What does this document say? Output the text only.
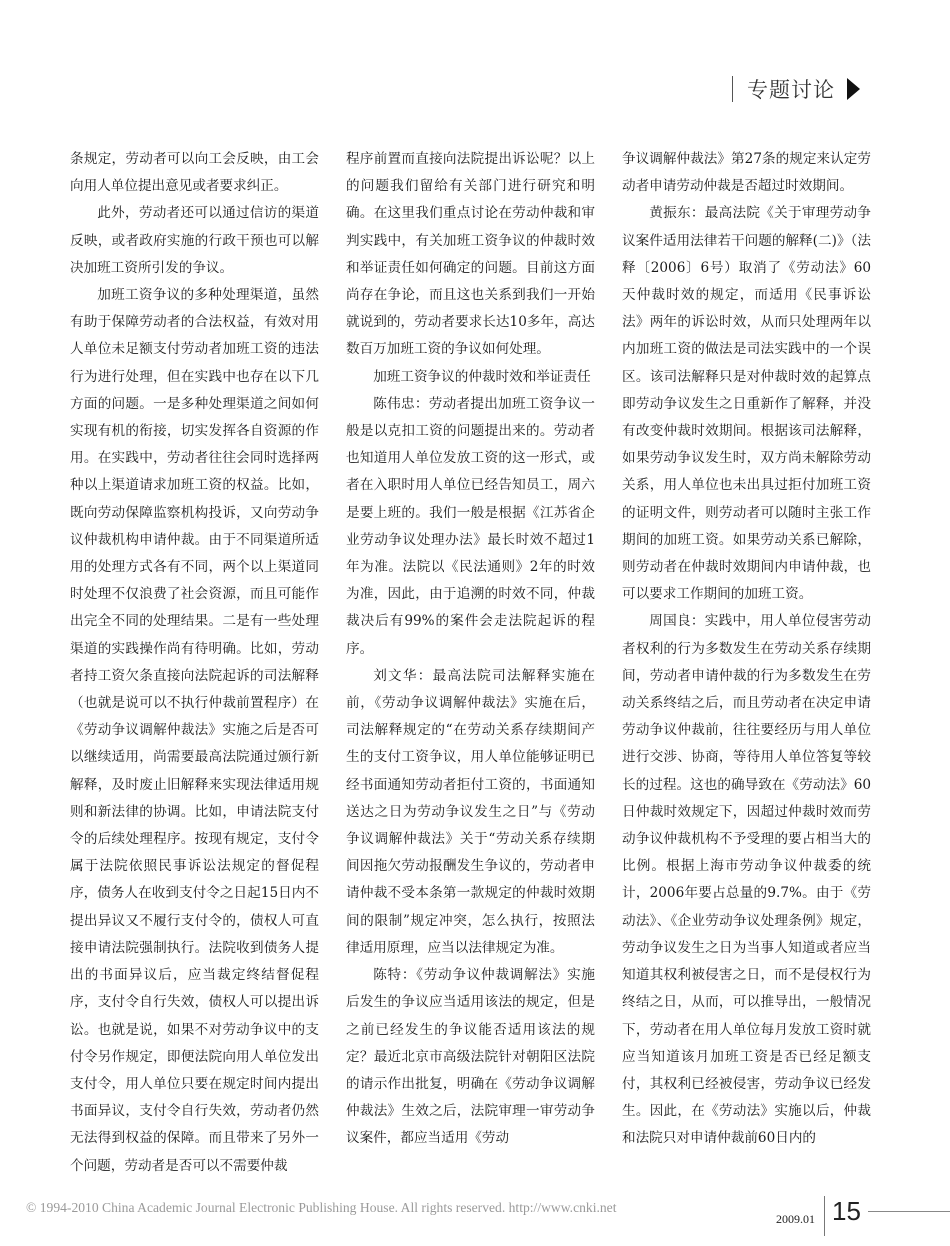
专题讨论

条规定，劳动者可以向工会反映，由工会向用人单位提出意见或者要求纠正。

此外，劳动者还可以通过信访的渠道反映，或者政府实施的行政干预也可以解决加班工资所引发的争议。

加班工资争议的多种处理渠道，虽然有助于保障劳动者的合法权益，有效对用人单位未足额支付劳动者加班工资的违法行为进行处理，但在实践中也存在以下几方面的问题。一是多种处理渠道之间如何实现有机的衔接，切实发挥各自资源的作用。在实践中，劳动者往往会同时选择两种以上渠道请求加班工资的权益。比如，既向劳动保障监察机构投诉，又向劳动争议仲裁机构申请仲裁。由于不同渠道所适用的处理方式各有不同，两个以上渠道同时处理不仅浪费了社会资源，而且可能作出完全不同的处理结果。二是有一些处理渠道的实践操作尚有待明确。比如，劳动者持工资欠条直接向法院起诉的司法解释（也就是说可以不执行仲裁前置程序）在《劳动争议调解仲裁法》实施之后是否可以继续适用，尚需要最高法院通过颁行新解释，及时废止旧解释来实现法律适用规则和新法律的协调。比如，申请法院支付令的后续处理程序。按现有规定，支付令属于法院依照民事诉讼法规定的督促程序，债务人在收到支付令之日起15日内不提出异议又不履行支付令的，债权人可直接申请法院强制执行。法院收到债务人提出的书面异议后，应当裁定终结督促程序，支付令自行失效，债权人可以提出诉讼。也就是说，如果不对劳动争议中的支付令另作规定，即便法院向用人单位发出支付令，用人单位只要在规定时间内提出书面异议，支付令自行失效，劳动者仍然无法得到权益的保障。而且带来了另外一个问题，劳动者是否可以不需要仲裁

程序前置而直接向法院提出诉讼呢？以上的问题我们留给有关部门进行研究和明确。在这里我们重点讨论在劳动仲裁和审判实践中，有关加班工资争议的仲裁时效和举证责任如何确定的问题。目前这方面尚存在争论，而且这也关系到我们一开始就说到的，劳动者要求长达10多年，高达数百万加班工资的争议如何处理。

加班工资争议的仲裁时效和举证责任

陈伟忠：劳动者提出加班工资争议一般是以克扣工资的问题提出来的。劳动者也知道用人单位发放工资的这一形式，或者在入职时用人单位已经告知员工，周六是要上班的。我们一般是根据《江苏省企业劳动争议处理办法》最长时效不超过1年为准。法院以《民法通则》2年的时效为准，因此，由于追溯的时效不同，仲裁裁决后有99%的案件会走法院起诉的程序。

刘文华：最高法院司法解释实施在前，《劳动争议调解仲裁法》实施在后，司法解释规定的“在劳动关系存续期间产生的支付工资争议，用人单位能够证明已经书面通知劳动者拒付工资的，书面通知送达之日为劳动争议发生之日”与《劳动争议调解仲裁法》关于“劳动关系存续期间因拖欠劳动报酬发生争议的，劳动者申请仲裁不受本条第一款规定的仲裁时效期间的限制”规定冲突，怎么执行，按照法律适用原理，应当以法律规定为准。

陈特：《劳动争议仲裁调解法》实施后发生的争议应当适用该法的规定，但是之前已经发生的争议能否适用该法的规定？最近北京市高级法院针对朝阳区法院的请示作出批复，明确在《劳动争议调解仲裁法》生效之后，法院审理一审劳动争议案件，都应当适用《劳动

争议调解仲裁法》第27条的规定来认定劳动者申请劳动仲裁是否超过时效期间。

黄振东：最高法院《关于审理劳动争议案件适用法律若干问题的解释(二)》（法释〔2006〕6号）取消了《劳动法》60天仲裁时效的规定，而适用《民事诉讼法》两年的诉讼时效，从而只处理两年以内加班工资的做法是司法实践中的一个误区。该司法解释只是对仲裁时效的起算点即劳动争议发生之日重新作了解释，并没有改变仲裁时效期间。根据该司法解释，如果劳动争议发生时，双方尚未解除劳动关系，用人单位也未出具过拒付加班工资的证明文件，则劳动者可以随时主张工作期间的加班工资。如果劳动关系已解除，则劳动者在仲裁时效期间内申请仲裁，也可以要求工作期间的加班工资。

周国良：实践中，用人单位侵害劳动者权利的行为多数发生在劳动关系存续期间，劳动者申请仲裁的行为多数发生在劳动关系终结之后，而且劳动者在决定申请劳动争议仲裁前，往往要经历与用人单位进行交涉、协商，等待用人单位答复等较长的过程。这也的确导致在《劳动法》60日仲裁时效规定下，因超过仲裁时效而劳动争议仲裁机构不予受理的要占相当大的比例。根据上海市劳动争议仲裁委的统计，2006年要占总量的9.7%。由于《劳动法》、《企业劳动争议处理条例》规定，劳动争议发生之日为当事人知道或者应当知道其权利被侵害之日，而不是侵权行为终结之日，从而，可以推导出，一般情况下，劳动者在用人单位每月发放工资时就应当知道该月加班工资是否已经足额支付，其权利已经被侵害，劳动争议已经发生。因此，在《劳动法》实施以后，仲裁和法院只对申请仲裁前60日内的

© 1994-2010 China Academic Journal Electronic Publishing House. All rights reserved. http://www.cnki.net
2009.01 15
